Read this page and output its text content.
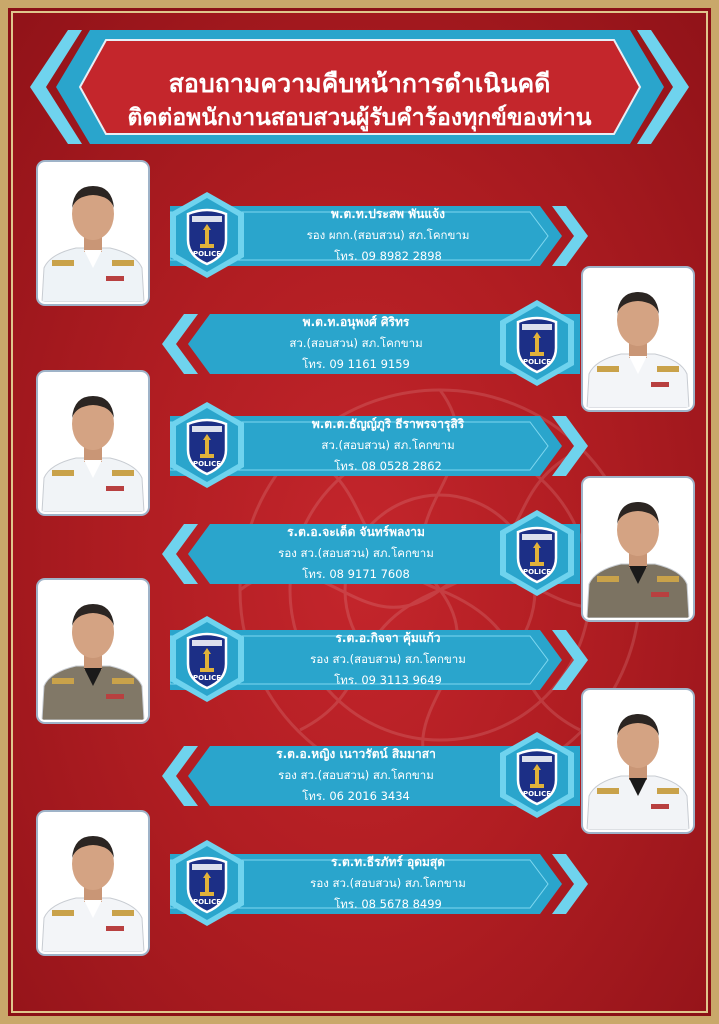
สอบถามความคืบหน้าการดำเนินคดี
ติดต่อพนักงานสอบสวนผู้รับคำร้องทุกข์ของท่าน
POLICE
พ.ต.ท.ประสพ พันแจ้ง
รอง ผกก.(สอบสวน) สภ.โคกขาม
โทร. 09 8982 2898
POLICE
พ.ต.ท.อนุพงศ์ ศิริทร
สว.(สอบสวน) สภ.โคกขาม
โทร. 09 1161 9159
POLICE
พ.ต.ต.ธัญญ์ภูริ ธีราพรจารุสิริ
สว.(สอบสวน) สภ.โคกขาม
โทร. 08 0528 2862
POLICE
ร.ต.อ.จะเด็ด จันทร์พลงาม
รอง สว.(สอบสวน) สภ.โคกขาม
โทร. 08 9171 7608
POLICE
ร.ต.อ.กิจจา คุ้มแก้ว
รอง สว.(สอบสวน) สภ.โคกขาม
โทร. 09 3113 9649
POLICE
ร.ต.อ.หญิง เนาวรัตน์ สิมมาสา
รอง สว.(สอบสวน) สภ.โคกขาม
โทร. 06 2016 3434
POLICE
ร.ต.ท.ธีรภัทร์ อุดมสุด
รอง สว.(สอบสวน) สภ.โคกขาม
โทร. 08 5678 8499
